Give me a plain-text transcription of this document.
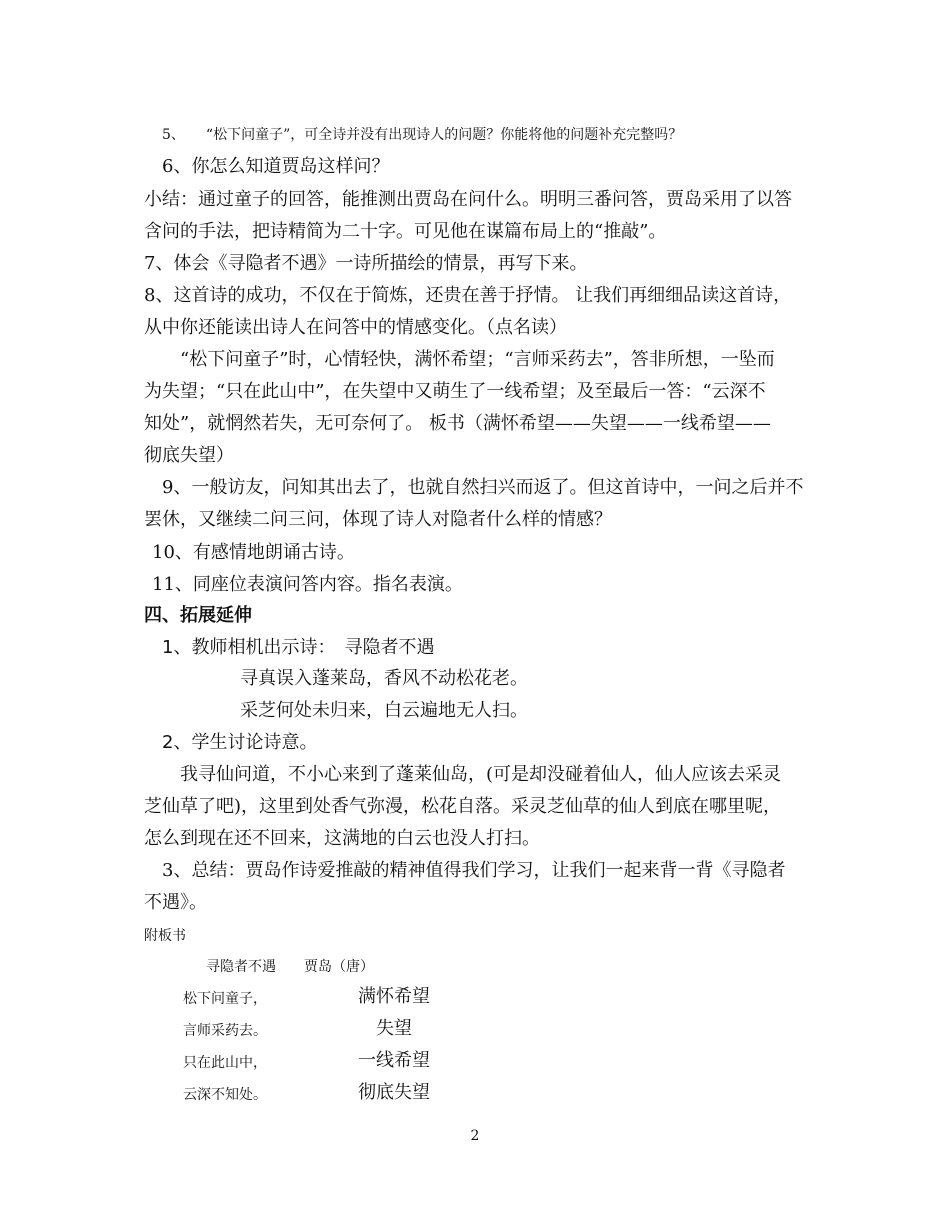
5、　　“松下问童子”，可全诗并没有出现诗人的问题？你能将他的问题补充完整吗？
6、你怎么知道贾岛这样问？
小结：通过童子的回答，能推测出贾岛在问什么。明明三番问答，贾岛采用了以答
含问的手法，把诗精简为二十字。可见他在谋篇布局上的“推敲”。
7、体会《寻隐者不遇》一诗所描绘的情景，再写下来。
8、这首诗的成功，不仅在于简炼，还贵在善于抒情。 让我们再细细品读这首诗，
从中你还能读出诗人在问答中的情感变化。（点名读）
“松下问童子”时，心情轻快，满怀希望；“言师采药去”，答非所想，一坠而
为失望；“只在此山中”，在失望中又萌生了一线希望；及至最后一答：“云深不
知处”，就惘然若失，无可奈何了。 板书（满怀希望——失望——一线希望——
彻底失望）
9、一般访友，问知其出去了，也就自然扫兴而返了。但这首诗中，一问之后并不
罢休，又继续二问三问，体现了诗人对隐者什么样的情感？
10、有感情地朗诵古诗。
11、同座位表演问答内容。指名表演。
四、拓展延伸
1、教师相机出示诗：　寻隐者不遇
寻真误入蓬莱岛，香风不动松花老。
采芝何处未归来，白云遍地无人扫。
2、学生讨论诗意。
我寻仙问道，不小心来到了蓬莱仙岛，(可是却没碰着仙人，仙人应该去采灵
芝仙草了吧)，这里到处香气弥漫，松花自落。采灵芝仙草的仙人到底在哪里呢，
怎么到现在还不回来，这满地的白云也没人打扫。
3、总结：贾岛作诗爱推敲的精神值得我们学习，让我们一起来背一背《寻隐者
不遇》。
附板书
寻隐者不遇　　贾岛（唐）
松下问童子，	满怀希望
言师采药去。	失望
只在此山中，	一线希望
云深不知处。	彻底失望
2
